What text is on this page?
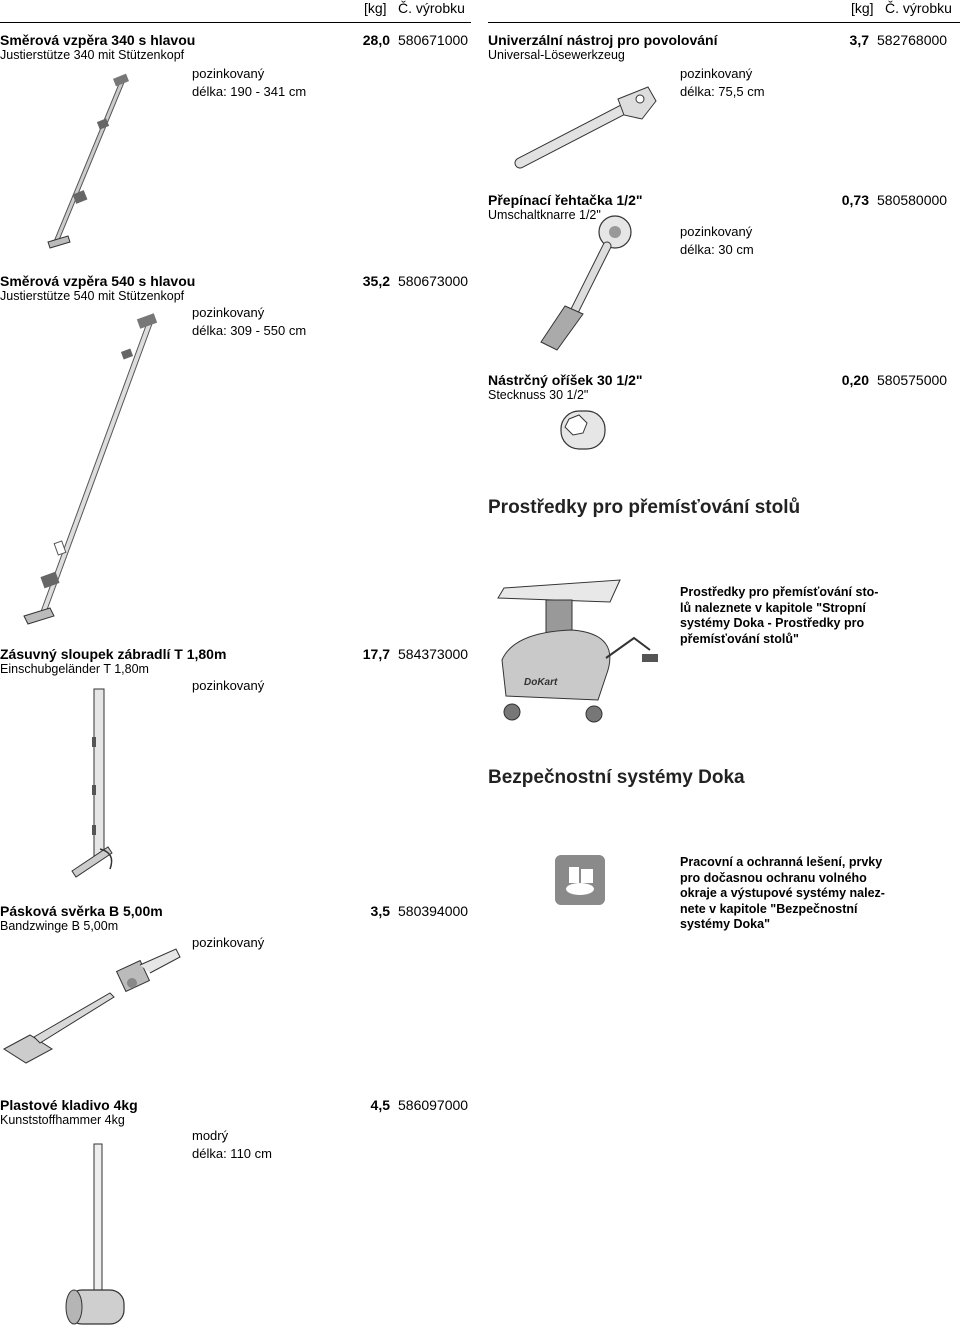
[kg] Č. výrobku	[kg] Č. výrobku
Směrová vzpěra 340 s hlavou
Justierstütze 340 mit Stützenkopf
28,0 580671000
pozinkovaný
délka: 190 - 341 cm
Směrová vzpěra 540 s hlavou
Justierstütze 540 mit Stützenkopf
35,2 580673000
pozinkovaný
délka: 309 - 550 cm
Zásuvný sloupek zábradlí T 1,80m
Einschubgeländer T 1,80m
17,7 584373000
pozinkovaný
Pásková svěrka B 5,00m
Bandzwinge B 5,00m
3,5 580394000
pozinkovaný
Plastové kladivo 4kg
Kunststoffhammer 4kg
4,5 586097000
modrý
délka: 110 cm
Univerzální nástroj pro povolování
Universal-Lösewerkzeug
3,7 582768000
pozinkovaný
délka: 75,5 cm
Přepínací řehtačka 1/2"
Umschaltknarre 1/2"
0,73 580580000
pozinkovaný
délka: 30 cm
Nástrčný oříšek 30 1/2"
Stecknuss 30 1/2"
0,20 580575000
Prostředky pro přemísťování stolů
DoKart
Prostředky pro přemísťování sto-
lů naleznete v kapitole "Stropní
systémy Doka - Prostředky pro
přemísťování stolů"
Bezpečnostní systémy Doka
Pracovní a ochranná lešení, prvky
pro dočasnou ochranu volného
okraje a výstupové systémy nalez-
nete v kapitole "Bezpečnostní
systémy Doka"
